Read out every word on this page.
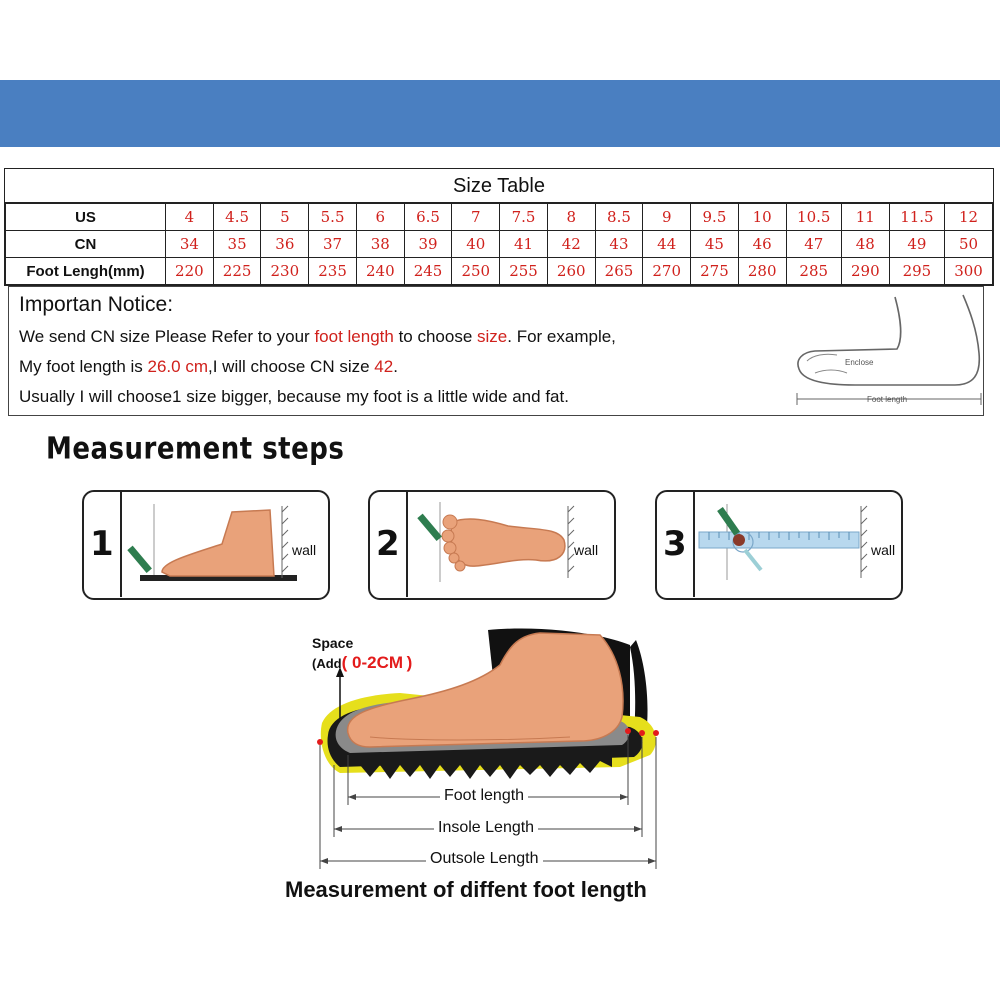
Size Table
US	4	4.5	5	5.5	6	6.5	7	7.5	8	8.5	9	9.5	10	10.5	11	11.5	12
CN	34	35	36	37	38	39	40	41	42	43	44	45	46	47	48	49	50
Foot Lengh(mm)	220	225	230	235	240	245	250	255	260	265	270	275	280	285	290	295	300
Importan Notice:
We send CN size Please Refer to your foot length to choose size. For example,
My foot length is 26.0 cm,I will choose CN size 42.
Usually I will choose1 size bigger, because my foot is a little wide and fat.
Enclose
Foot length
Measurement steps
1	wall 2	wall 3	wall
Space
(Add( 0-2CM )
Foot length
Insole Length
Outsole Length
Measurement of diffent foot length
